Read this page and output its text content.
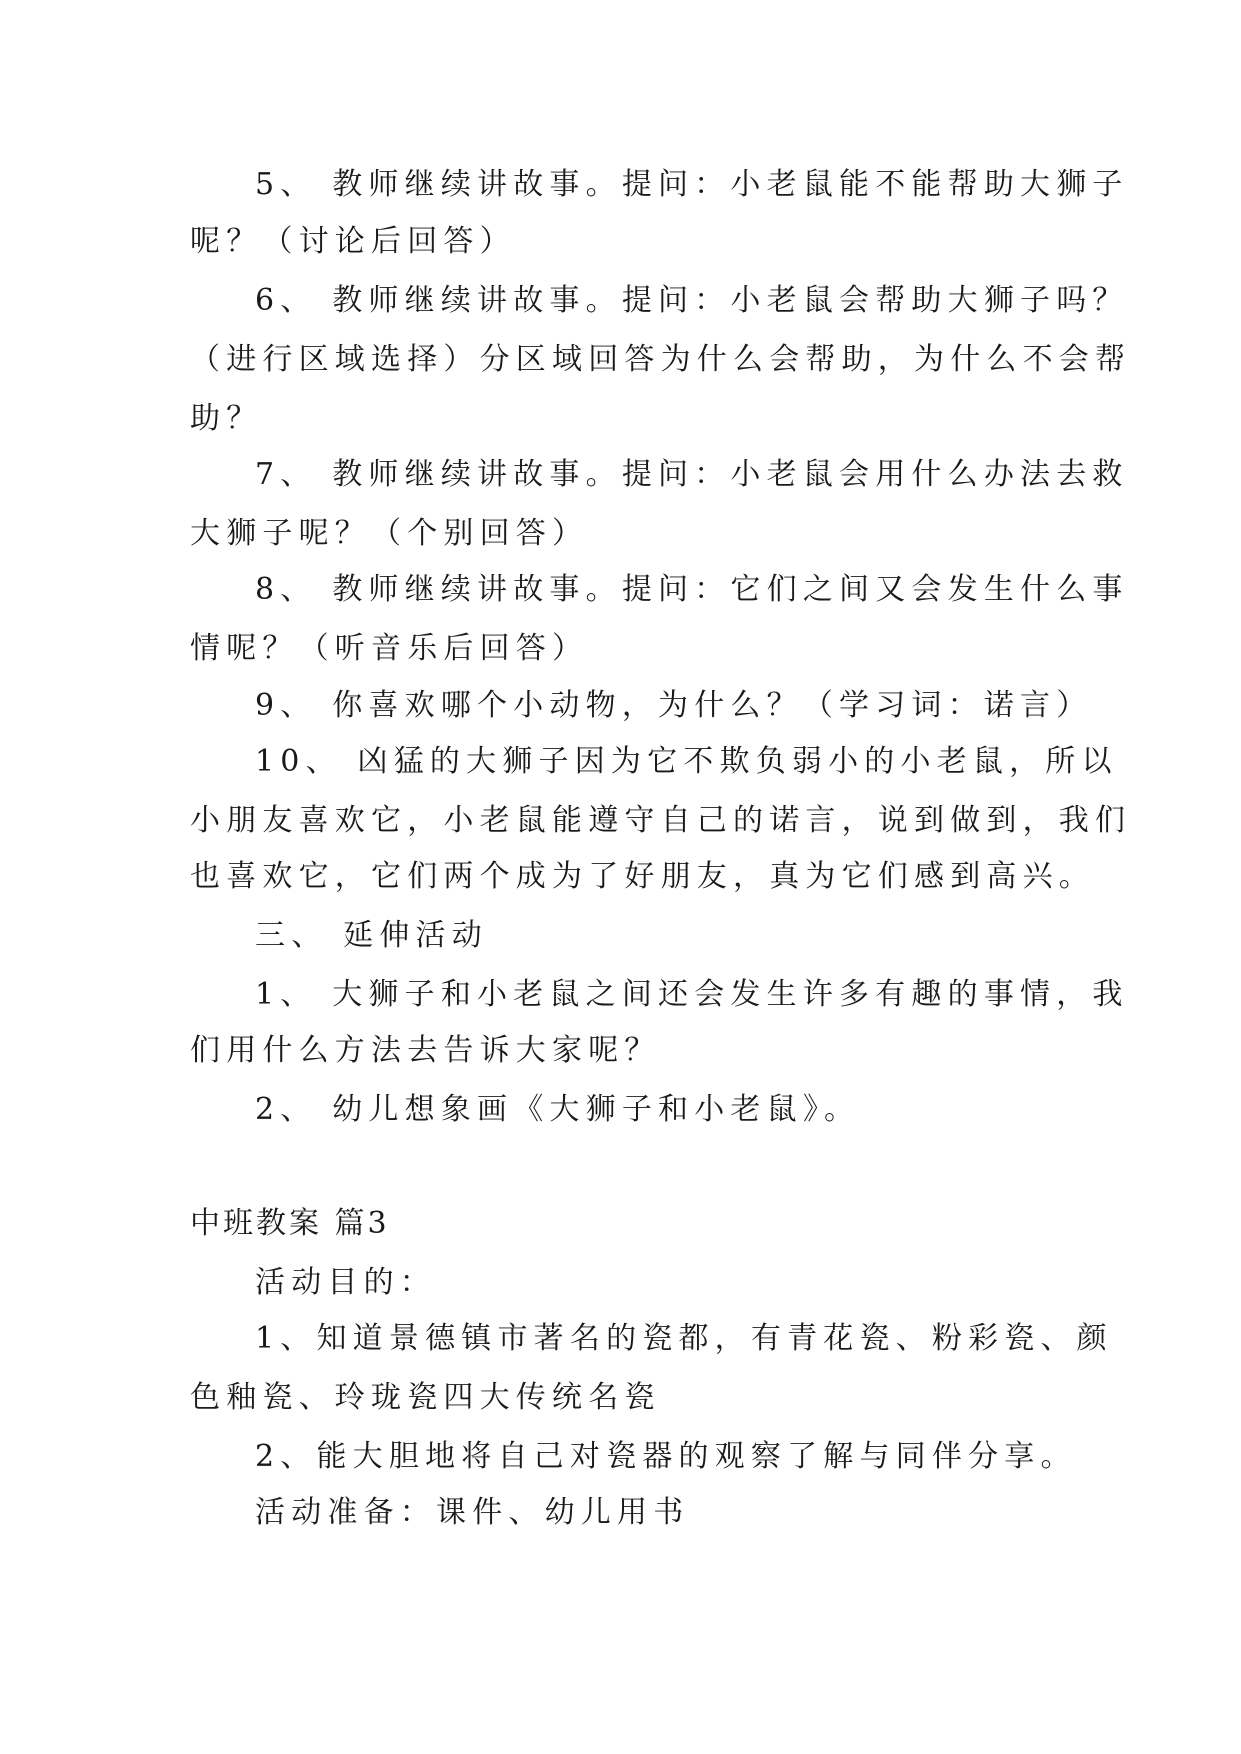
5、 教师继续讲故事。提问：小老鼠能不能帮助大狮子
呢？（讨论后回答）
6、 教师继续讲故事。提问：小老鼠会帮助大狮子吗？
（进行区域选择）分区域回答为什么会帮助，为什么不会帮
助？
7、 教师继续讲故事。提问：小老鼠会用什么办法去救
大狮子呢？（个别回答）
8、 教师继续讲故事。提问：它们之间又会发生什么事
情呢？（听音乐后回答）
9、 你喜欢哪个小动物，为什么？（学习词：诺言）
10、 凶猛的大狮子因为它不欺负弱小的小老鼠，所以
小朋友喜欢它，小老鼠能遵守自己的诺言，说到做到，我们
也喜欢它，它们两个成为了好朋友，真为它们感到高兴。
三、 延伸活动
1、 大狮子和小老鼠之间还会发生许多有趣的事情，我
们用什么方法去告诉大家呢？
2、 幼儿想象画《大狮子和小老鼠》。
中班教案 篇3
活动目的：
1、知道景德镇市著名的瓷都，有青花瓷、粉彩瓷、颜
色釉瓷、玲珑瓷四大传统名瓷
2、能大胆地将自己对瓷器的观察了解与同伴分享。
活动准备：课件、幼儿用书
